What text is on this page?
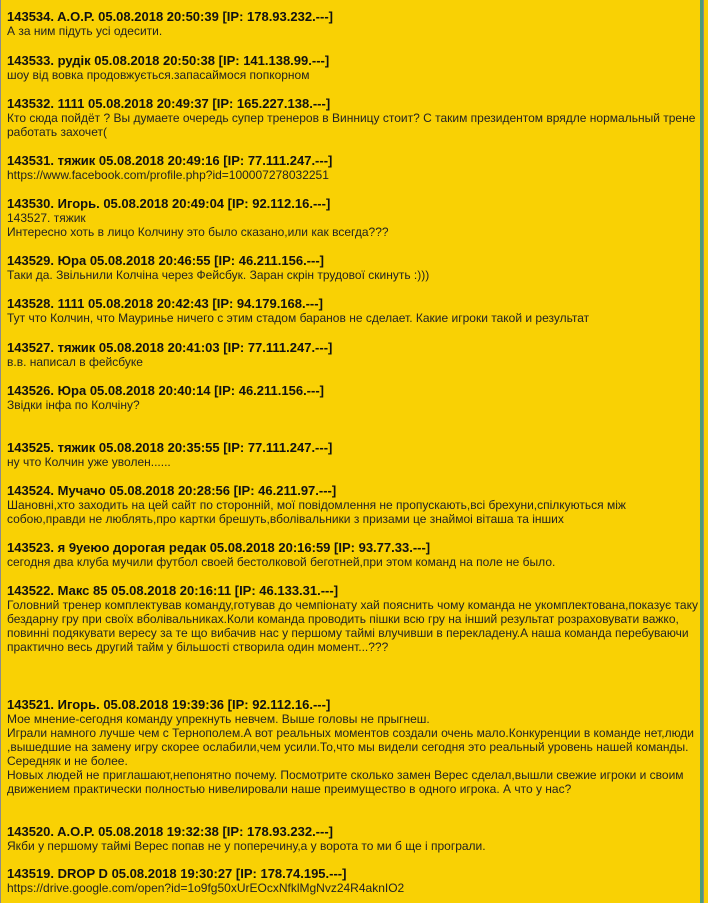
143534. A.O.P. 05.08.2018 20:50:39 [IP: 178.93.232.---]
А за ним підуть усі одесити.
143533. рудік 05.08.2018 20:50:38 [IP: 141.138.99.---]
шоу від вовка продовжується.запасаймося попкорном
143532. 1111 05.08.2018 20:49:37 [IP: 165.227.138.---]
Кто сюда пойдёт ? Вы думаете очередь супер тренеров в Винницу стоит? С таким президентом врядле нормальный трене
работать захочет(
143531. тяжик 05.08.2018 20:49:16 [IP: 77.111.247.---]
https://www.facebook.com/profile.php?id=100007278032251
143530. Игорь. 05.08.2018 20:49:04 [IP: 92.112.16.---]
143527. тяжик
Интересно хоть в лицо Колчину это было сказано,или как всегда???
143529. Юра 05.08.2018 20:46:55 [IP: 46.211.156.---]
Таки да. Звільнили Колчіна через Фейсбук. Заран скрін трудової скинуть :)))
143528. 1111 05.08.2018 20:42:43 [IP: 94.179.168.---]
Тут что Колчин, что Мауринье ничего с этим стадом баранов не сделает. Какие игроки такой и результат
143527. тяжик 05.08.2018 20:41:03 [IP: 77.111.247.---]
в.в. написал в фейсбуке
143526. Юра 05.08.2018 20:40:14 [IP: 46.211.156.---]
Звідки інфа по Колчіну?
143525. тяжик 05.08.2018 20:35:55 [IP: 77.111.247.---]
ну что Колчин уже уволен......
143524. Мучачо 05.08.2018 20:28:56 [IP: 46.211.97.---]
Шановні,хто заходить на цей сайт по сторонній, мої повідомлення не пропускають,всі брехуни,спілкуються між
собою,правди не люблять,про картки брешуть,вболівальники з призами це знаймоі віташа та інших
143523. я 9уеюо дорогая редак 05.08.2018 20:16:59 [IP: 93.77.33.---]
сегодня два клуба мучили футбол своей бестолковой беготней,при этом команд на поле не было.
143522. Макс 85 05.08.2018 20:16:11 [IP: 46.133.31.---]
Головний тренер комплектував команду,готував до чемпіонату хай пояснить чому команда не укомплектована,показує таку
бездарну гру при своїх вболівальниках.Коли команда проводить пішки всю гру на інший результат розраховувати важко,
повинні подякувати вересу за те що вибачив нас у першому таймі влучивши в перекладену.А наша команда перебуваючи
практично весь другий тайм у більшості створила один момент...???
143521. Игорь. 05.08.2018 19:39:36 [IP: 92.112.16.---]
Мое мнение-сегодня команду упрекнуть невчем. Выше головы не прыгнеш.
Играли намного лучше чем с Тернополем.А вот реальных моментов создали очень мало.Конкуренции в команде нет,люди
,вышедшие на замену игру скорее ослабили,чем усили.То,что мы видели сегодня это реальный уровень нашей команды.
Середняк и не более.
Новых людей не приглашают,непонятно почему. Посмотрите сколько замен Верес сделал,вышли свежие игроки и своим
движением практически полностью нивелировали наше преимущество в одного игрока. А что у нас?
143520. A.O.P. 05.08.2018 19:32:38 [IP: 178.93.232.---]
Якби у першому таймі Верес попав не у поперечину,а у ворота то ми б ще і програли.
143519. DROP D 05.08.2018 19:30:27 [IP: 178.74.195.---]
https://drive.google.com/open?id=1o9fg50xUrEOcxNfklMgNvz24R4aknIO2
